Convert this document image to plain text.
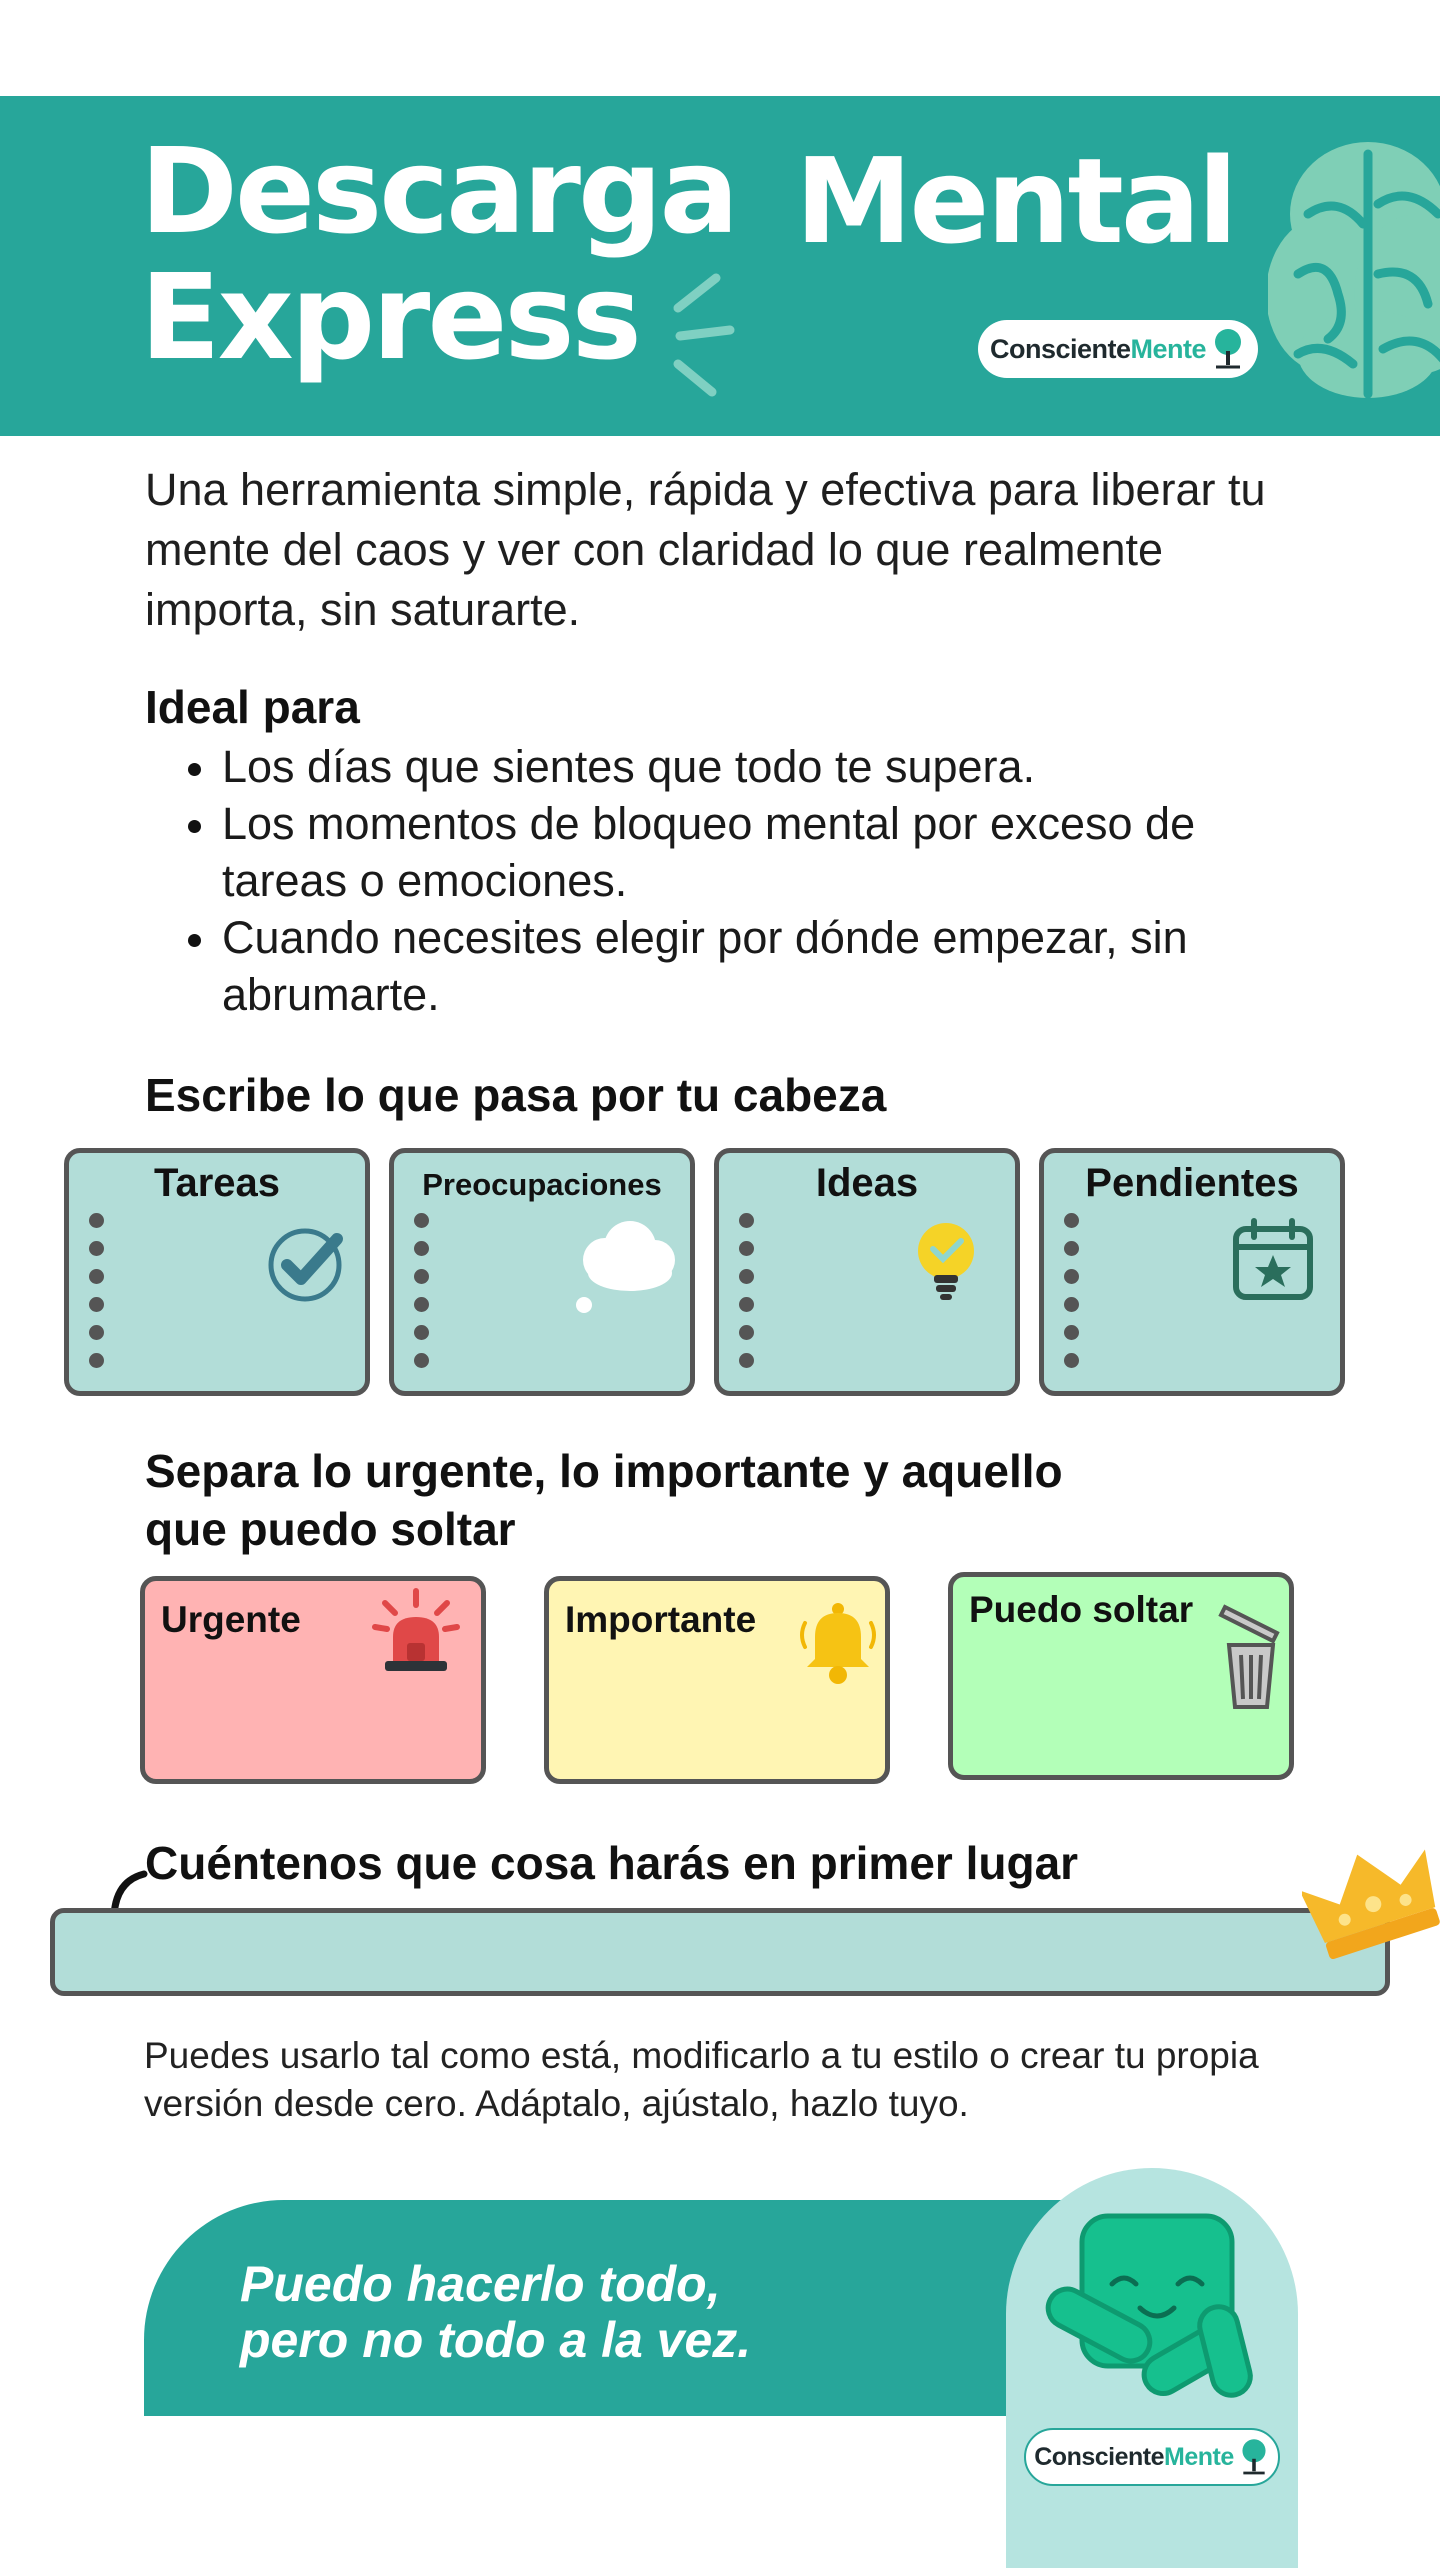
Descarga Mental
Express	Consciente Mente
Una herramienta simple, rápida y efectiva para liberar tu mente del caos y ver con claridad lo que realmente importa, sin saturarte.
Ideal para
Los días que sientes que todo te supera.
Los momentos de bloqueo mental por exceso de tareas o emociones.
Cuando necesites elegir por dónde empezar, sin abrumarte.
Escribe lo que pasa por tu cabeza
Tareas	Preocupaciones	Ideas	Pendientes
Separa lo urgente, lo importante y aquello
que puedo soltar
Urgente	Importante	Puedo soltar
Cuéntenos que cosa harás en primer lugar
Puedes usarlo tal como está, modificarlo a tu estilo o crear tu propia versión desde cero. Adáptalo, ajústalo, hazlo tuyo.
Puedo hacerlo todo,
pero no todo a la vez.
Consciente Mente
